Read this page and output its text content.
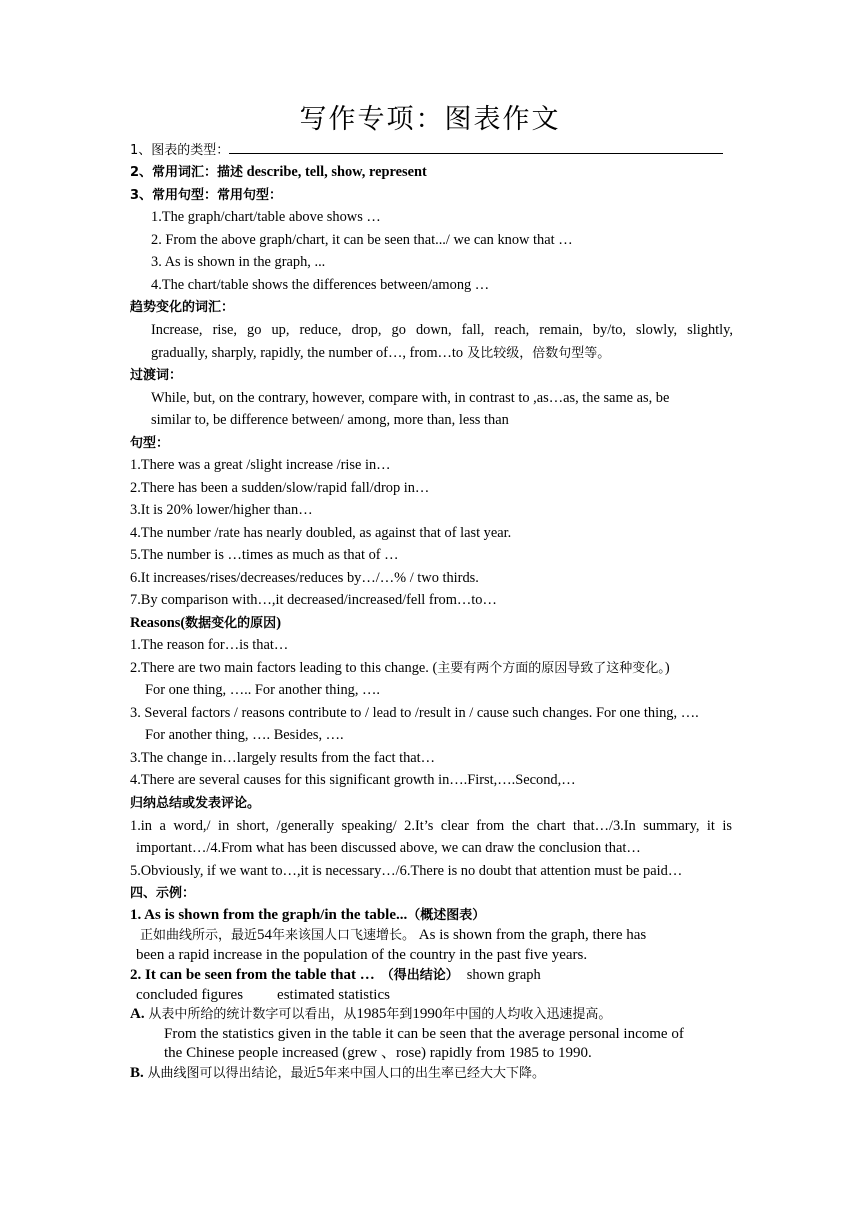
写作专项：图表作文
1、图表的类型：
2、常用词汇：描述 describe, tell, show, represent
3、常用句型：常用句型：
1.The graph/chart/table above shows …
2. From the above graph/chart, it can be seen that.../ we can know that …
3. As is shown in the graph, ...
4.The chart/table shows the differences between/among …
趋势变化的词汇：
Increase, rise, go up, reduce, drop, go down, fall, reach, remain, by/to, slowly, slightly,
gradually, sharply, rapidly, the number of…, from…to 及比较级，倍数句型等。
过渡词：
While, but, on the contrary, however, compare with, in contrast to ,as…as, the same as, be
similar to, be difference between/ among, more than, less than
句型：
1.There was a great /slight increase /rise in…
2.There has been a sudden/slow/rapid fall/drop in…
3.It is 20% lower/higher than…
4.The number /rate has nearly doubled, as against that of last year.
5.The number is …times as much as that of …
6.It increases/rises/decreases/reduces by…/…% / two thirds.
7.By comparison with…,it decreased/increased/fell from…to…
Reasons(数据变化的原因)
1.The reason for…is that…
2.There are two main factors leading to this change. (主要有两个方面的原因导致了这种变化。)
For one thing, ….. For another thing, ….
3. Several factors / reasons contribute to / lead to /result in / cause such changes. For one thing, ….
For another thing, …. Besides, ….
3.The change in…largely results from the fact that…
4.There are several causes for this significant growth in….First,….Second,…
归纳总结或发表评论。
1.in a word,/ in short, /generally speaking/ 2.It’s clear from the chart that…/3.In summary, it is
important…/4.From what has been discussed above, we can draw the conclusion that…
5.Obviously, if we want to…,it is necessary…/6.There is no doubt that attention must be paid…
四、示例：
1. As is shown from the graph/in the table...（概述图表）
正如曲线所示，最近54年来该国人口飞速增长。 As is shown from the graph, there has
been a rapid increase in the population of the country in the past five years.
2. It can be seen from the table that … （得出结论） shown graph
concluded figures estimated statistics
A. 从表中所给的统计数字可以看出，从1985年到1990年中国的人均收入迅速提高。
From the statistics given in the table it can be seen that the average personal income of
the Chinese people increased (grew 、rose) rapidly from 1985 to 1990.
B. 从曲线图可以得出结论，最近5年来中国人口的出生率已经大大下降。
